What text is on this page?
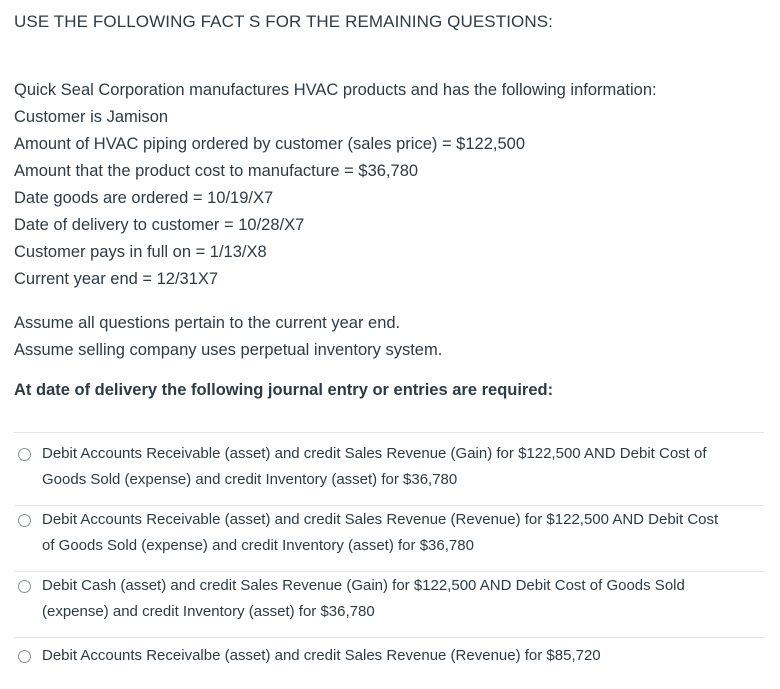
USE THE FOLLOWING FACT S FOR THE REMAINING QUESTIONS:
Quick Seal Corporation manufactures HVAC products and has the following information:
Customer is Jamison
Amount of HVAC piping ordered by customer (sales price) = $122,500
Amount that the product cost to manufacture = $36,780
Date goods are ordered = 10/19/X7
Date of delivery to customer = 10/28/X7
Customer pays in full on = 1/13/X8
Current year end = 12/31X7
Assume all questions pertain to the current year end.
Assume selling company uses perpetual inventory system.
At date of delivery the following journal entry or entries are required:
Debit Accounts Receivable (asset) and credit Sales Revenue (Gain) for $122,500 AND Debit Cost of
Goods Sold (expense) and credit Inventory (asset) for $36,780
Debit Accounts Receivable (asset) and credit Sales Revenue (Revenue) for $122,500 AND Debit Cost
of Goods Sold (expense) and credit Inventory (asset) for $36,780
Debit Cash (asset) and credit Sales Revenue (Gain) for $122,500 AND Debit Cost of Goods Sold
(expense) and credit Inventory (asset) for $36,780
Debit Accounts Receivalbe (asset) and credit Sales Revenue (Revenue) for $85,720
